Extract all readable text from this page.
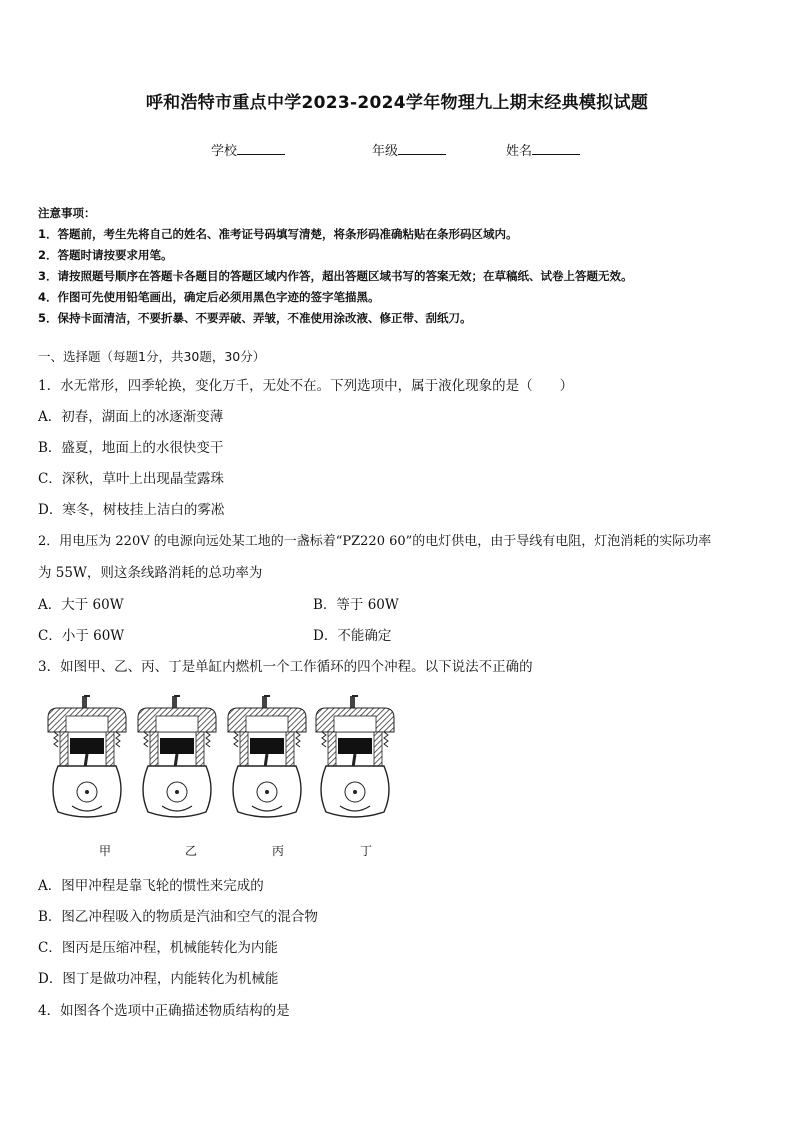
呼和浩特市重点中学2023-2024学年物理九上期末经典模拟试题
学校	年级	姓名
注意事项：
1．答题前，考生先将自己的姓名、准考证号码填写清楚，将条形码准确粘贴在条形码区域内。
2．答题时请按要求用笔。
3．请按照题号顺序在答题卡各题目的答题区域内作答，超出答题区域书写的答案无效；在草稿纸、试卷上答题无效。
4．作图可先使用铅笔画出，确定后必须用黑色字迹的签字笔描黑。
5．保持卡面清洁，不要折暴、不要弄破、弄皱，不准使用涂改液、修正带、刮纸刀。
一、选择题（每题1分，共30题，30分）
1．水无常形，四季轮换，变化万千，无处不在。下列选项中，属于液化现象的是（　　）
A．初春，湖面上的冰逐渐变薄
B．盛夏，地面上的水很快变干
C．深秋，草叶上出现晶莹露珠
D．寒冬，树枝挂上洁白的雾凇
2．用电压为 220V 的电源向远处某工地的一盏标着“PZ220 60”的电灯供电，由于导线有电阻，灯泡消耗的实际功率
为 55W，则这条线路消耗的总功率为
A．大于 60W	B．等于 60W
C．小于 60W	D．不能确定
3．如图甲、乙、丙、丁是单缸内燃机一个工作循环的四个冲程。以下说法不正确的
甲	乙	丙	丁
A．图甲冲程是靠飞轮的惯性来完成的
B．图乙冲程吸入的物质是汽油和空气的混合物
C．图丙是压缩冲程，机械能转化为内能
D．图丁是做功冲程，内能转化为机械能
4．如图各个选项中正确描述物质结构的是
